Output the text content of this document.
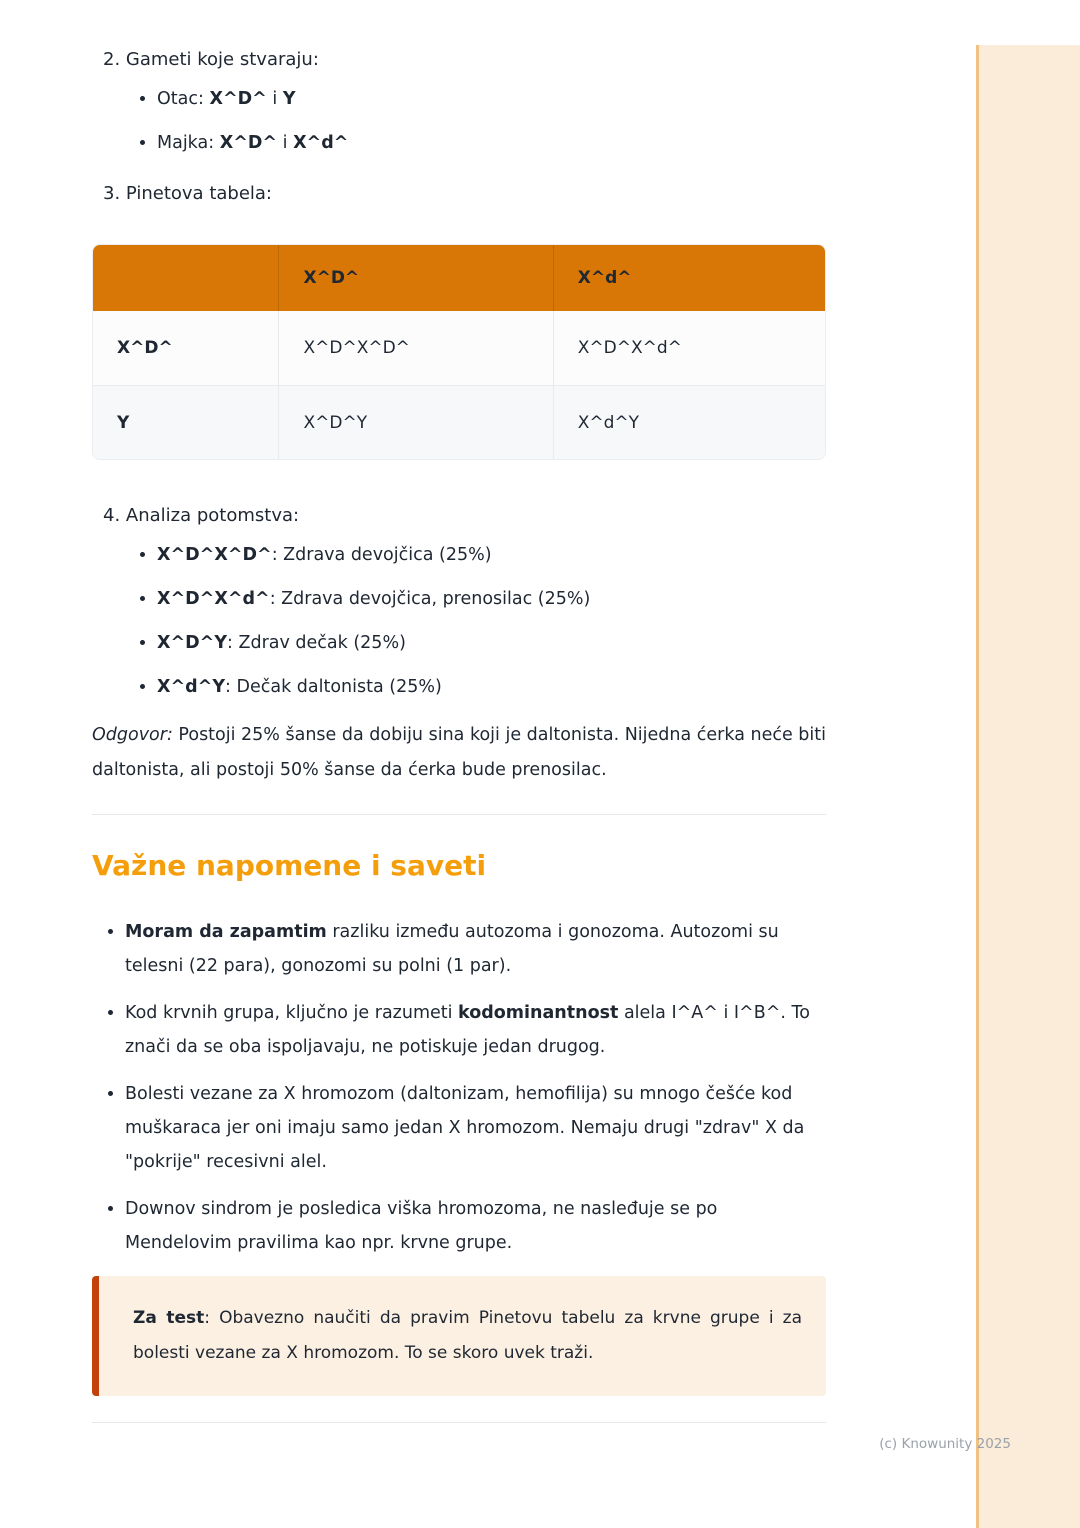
2. Gameti koje stvaraju:
• Otac: X^D^ i Y
• Majka: X^D^ i X^d^
3. Pinetova tabela:
	X^D^	X^d^
X^D^	X^D^X^D^	X^D^X^d^
Y	X^D^Y	X^d^Y
4. Analiza potomstva:
• X^D^X^D^: Zdrava devojčica (25%)
• X^D^X^d^: Zdrava devojčica, prenosilac (25%)
• X^D^Y: Zdrav dečak (25%)
• X^d^Y: Dečak daltonista (25%)

Odgovor: Postoji 25% šanse da dobiju sina koji je daltonista. Nijedna ćerka neće biti daltonista, ali postoji 50% šanse da ćerka bude prenosilac.

Važne napomene i saveti
• Moram da zapamtim razliku između autozoma i gonozoma. Autozomi su telesni (22 para), gonozomi su polni (1 par).
• Kod krvnih grupa, ključno je razumeti kodominantnost alela I^A^ i I^B^. To znači da se oba ispoljavaju, ne potiskuje jedan drugog.
• Bolesti vezane za X hromozom (daltonizam, hemofilija) su mnogo češće kod muškaraca jer oni imaju samo jedan X hromozom. Nemaju drugi "zdrav" X da "pokrije" recesivni alel.
• Downov sindrom je posledica viška hromozoma, ne nasleđuje se po Mendelovim pravilima kao npr. krvne grupe.

Za test: Obavezno naučiti da pravim Pinetovu tabelu za krvne grupe i za bolesti vezane za X hromozom. To se skoro uvek traži.

(c) Knowunity 2025
